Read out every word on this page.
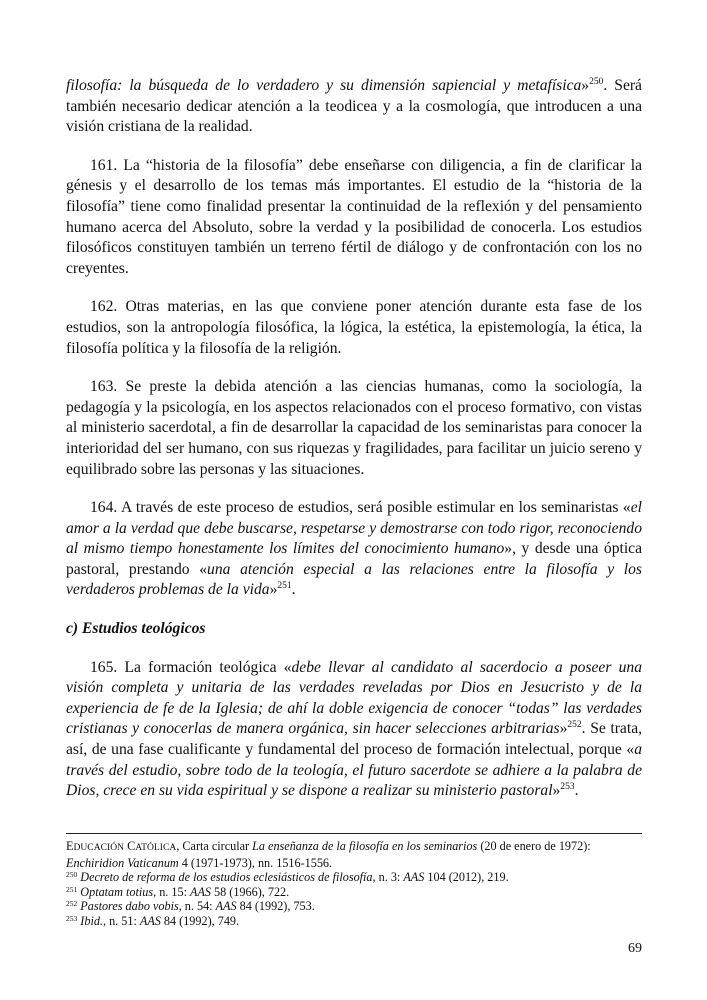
filosofía: la búsqueda de lo verdadero y su dimensión sapiencial y metafísica»$^{250}$. Será también necesario dedicar atención a la teodicea y a la cosmología, que introducen a una visión cristiana de la realidad.

161. La “historia de la filosofía” debe enseñarse con diligencia, a fin de clarificar la génesis y el desarrollo de los temas más importantes. El estudio de la “historia de la filosofía” tiene como finalidad presentar la continuidad de la reflexión y del pensamiento humano acerca del Absoluto, sobre la verdad y la posibilidad de conocerla. Los estudios filosóficos constituyen también un terreno fértil de diálogo y de confrontación con los no creyentes.

162. Otras materias, en las que conviene poner atención durante esta fase de los estudios, son la antropología filosófica, la lógica, la estética, la epistemología, la ética, la filosofía política y la filosofía de la religión.

163. Se preste la debida atención a las ciencias humanas, como la sociología, la pedagogía y la psicología, en los aspectos relacionados con el proceso formativo, con vistas al ministerio sacerdotal, a fin de desarrollar la capacidad de los seminaristas para conocer la interioridad del ser humano, con sus riquezas y fragilidades, para facilitar un juicio sereno y equilibrado sobre las personas y las situaciones.

164. A través de este proceso de estudios, será posible estimular en los seminaristas «el amor a la verdad que debe buscarse, respetarse y demostrarse con todo rigor, reconociendo al mismo tiempo honestamente los límites del conocimiento humano», y desde una óptica pastoral, prestando «una atención especial a las relaciones entre la filosofía y los verdaderos problemas de la vida»$^{251}$.

c) Estudios teológicos

165. La formación teológica «debe llevar al candidato al sacerdocio a poseer una visión completa y unitaria de las verdades reveladas por Dios en Jesucristo y de la experiencia de fe de la Iglesia; de ahí la doble exigencia de conocer “todas” las verdades cristianas y conocerlas de manera orgánica, sin hacer selecciones arbitrarias»$^{252}$. Se trata, así, de una fase cualificante y fundamental del proceso de formación intelectual, porque «a través del estudio, sobre todo de la teología, el futuro sacerdote se adhiere a la palabra de Dios, crece en su vida espiritual y se dispone a realizar su ministerio pastoral»$^{253}$.

EDUCACIÓN CATÓLICA, Carta circular La enseñanza de la filosofía en los seminarios (20 de enero de 1972): Enchiridion Vaticanum 4 (1971-1973), nn. 1516-1556.

$^{250}$ Decreto de reforma de los estudios eclesiásticos de filosofía, n. 3: AAS 104 (2012), 219.

$^{251}$ Optatam totius, n. 15: AAS 58 (1966), 722.

$^{252}$ Pastores dabo vobis, n. 54: AAS 84 (1992), 753.

$^{253}$ Ibid., n. 51: AAS 84 (1992), 749.

69
